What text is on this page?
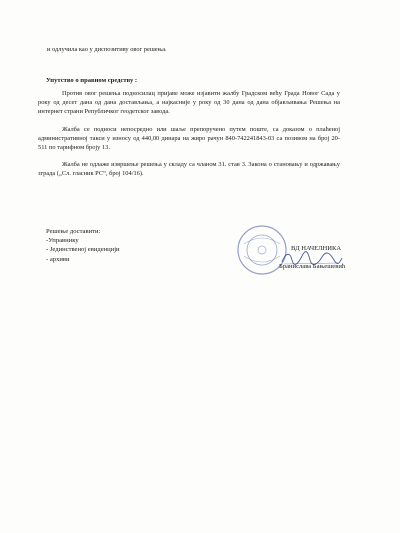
и одлучила као у диспозитиву овог решења.
Упутство о правном средству :
Против овог решења подносилац пријаве може изјавити жалбу Градском већу Града Новог Сада у року од десет дана од дана достављања, а најкасније у року од 30 дана од дана објављивања Решења на интернет страни Републичког геодетског завода.
Жалба се подноси непосредно или шаље препоручено путем поште, са доказом о плаћеној административној такси у износу од 440,00 динара на жиро рачун 840-742241843-03 са позивом на број 20-511 по тарифном броју 13.
Жалба не одлаже извршење решења у складу са чланом 31. став 3. Закона о становању и одржавању зграда („Сл. гласник РС“, број 104/16).
Решење доставити:
-Управнику
- Јединственој евиденцији
- архиви
ВД НАЧЕЛНИКА
Бранислава Бањешевић
